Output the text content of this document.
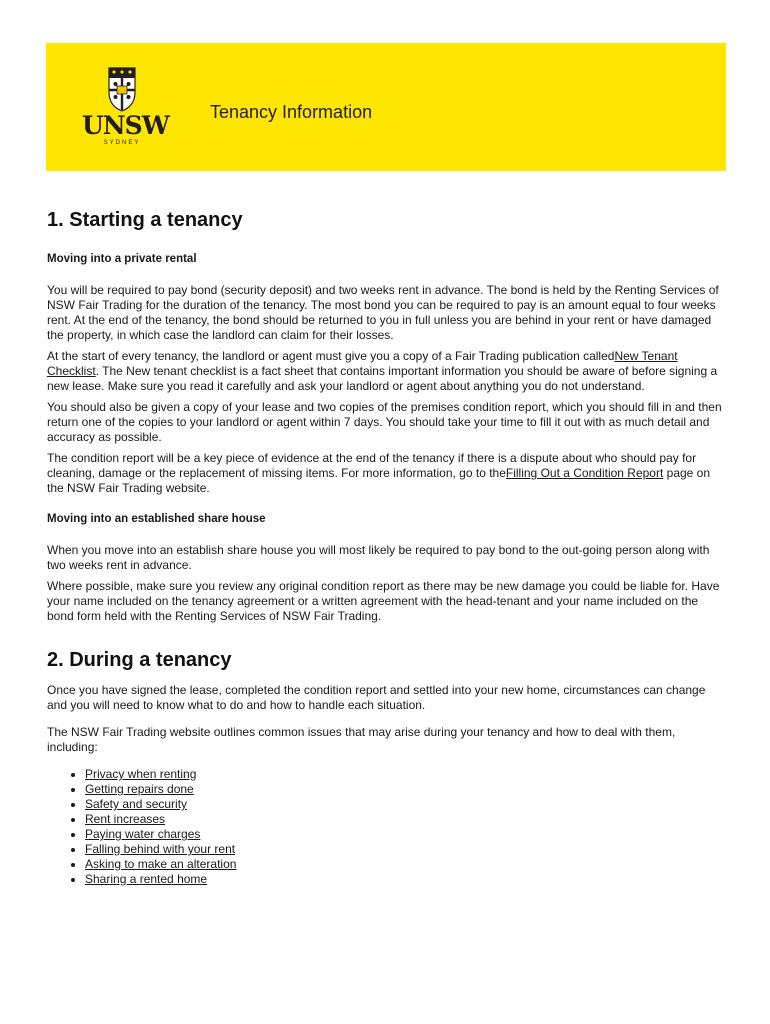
UNSW
SYDNEY
Tenancy Information
1. Starting a tenancy
Moving into a private rental

You will be required to pay bond (security deposit) and two weeks rent in advance. The bond is held by the Renting Services of NSW Fair Trading for the duration of the tenancy. The most bond you can be required to pay is an amount equal to four weeks rent. At the end of the tenancy, the bond should be returned to you in full unless you are behind in your rent or have damaged the property, in which case the landlord can claim for their losses.

At the start of every tenancy, the landlord or agent must give you a copy of a Fair Trading publication calledNew Tenant Checklist. The New tenant checklist is a fact sheet that contains important information you should be aware of before signing a new lease. Make sure you read it carefully and ask your landlord or agent about anything you do not understand.

You should also be given a copy of your lease and two copies of the premises condition report, which you should fill in and then return one of the copies to your landlord or agent within 7 days. You should take your time to fill it out with as much detail and accuracy as possible.

The condition report will be a key piece of evidence at the end of the tenancy if there is a dispute about who should pay for cleaning, damage or the replacement of missing items. For more information, go to theFilling Out a Condition Report page on the NSW Fair Trading website.

Moving into an established share house

When you move into an establish share house you will most likely be required to pay bond to the out-going person along with two weeks rent in advance.

Where possible, make sure you review any original condition report as there may be new damage you could be liable for. Have your name included on the tenancy agreement or a written agreement with the head-tenant and your name included on the bond form held with the Renting Services of NSW Fair Trading.

2. During a tenancy

Once you have signed the lease, completed the condition report and settled into your new home, circumstances can change and you will need to know what to do and how to handle each situation.

The NSW Fair Trading website outlines common issues that may arise during your tenancy and how to deal with them, including:

• Privacy when renting
• Getting repairs done
• Safety and security
• Rent increases
• Paying water charges
• Falling behind with your rent
• Asking to make an alteration
• Sharing a rented home
